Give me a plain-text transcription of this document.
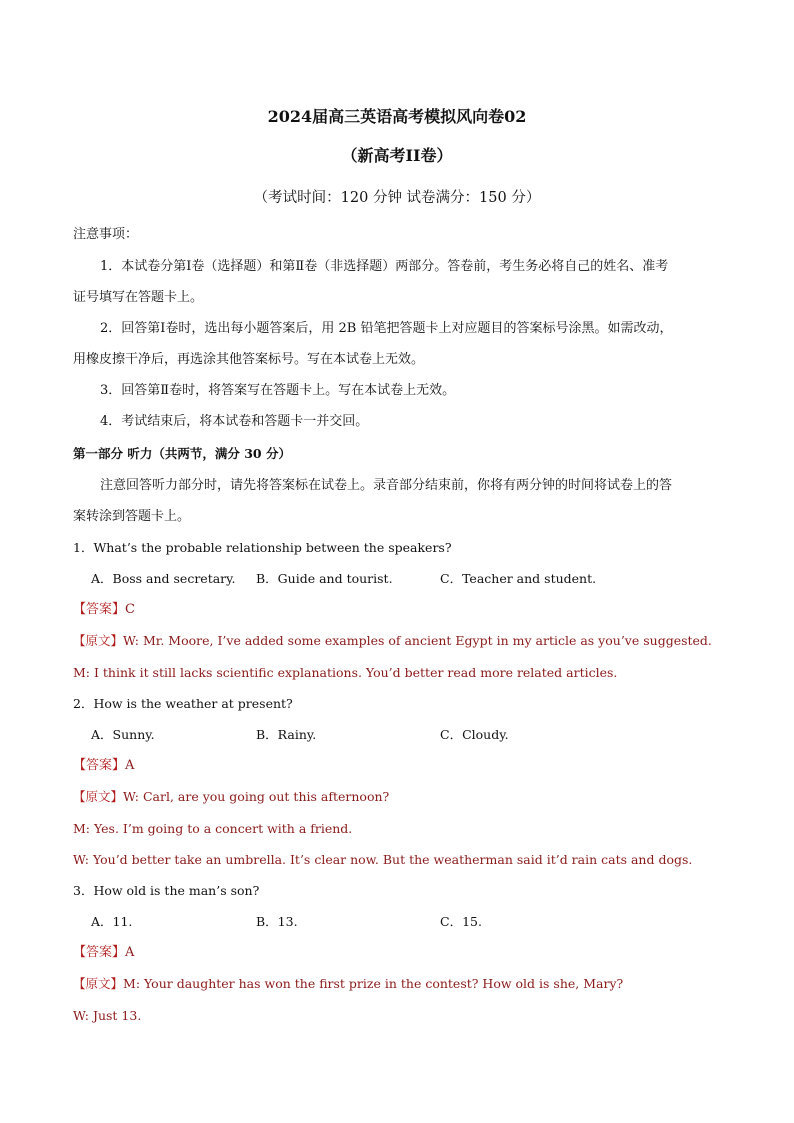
2024届高三英语高考模拟风向卷02
（新高考II卷）
（考试时间：120 分钟 试卷满分：150 分）
注意事项：
1．本试卷分第Ⅰ卷（选择题）和第Ⅱ卷（非选择题）两部分。答卷前，考生务必将自己的姓名、准考
证号填写在答题卡上。
2．回答第Ⅰ卷时，选出每小题答案后，用 2B 铅笔把答题卡上对应题目的答案标号涂黑。如需改动，
用橡皮擦干净后，再选涂其他答案标号。写在本试卷上无效。
3．回答第Ⅱ卷时，将答案写在答题卡上。写在本试卷上无效。
4．考试结束后，将本试卷和答题卡一并交回。
第一部分 听力（共两节，满分 30 分）
注意回答听力部分时，请先将答案标在试卷上。录音部分结束前，你将有两分钟的时间将试卷上的答
案转涂到答题卡上。
1．What’s the probable relationship between the speakers?
A．Boss and secretary. B．Guide and tourist.	C．Teacher and student.
【答案】C
【原文】W: Mr. Moore, I’ve added some examples of ancient Egypt in my article as you’ve suggested.
M: I think it still lacks scientific explanations. You’d better read more related articles.
2．How is the weather at present?
A．Sunny.	B．Rainy.	C．Cloudy.
【答案】A
【原文】W: Carl, are you going out this afternoon?
M: Yes. I’m going to a concert with a friend.
W: You’d better take an umbrella. It’s clear now. But the weatherman said it’d rain cats and dogs.
3．How old is the man’s son?
A．11.	B．13.	C．15.
【答案】A
【原文】M: Your daughter has won the first prize in the contest? How old is she, Mary?
W: Just 13.
